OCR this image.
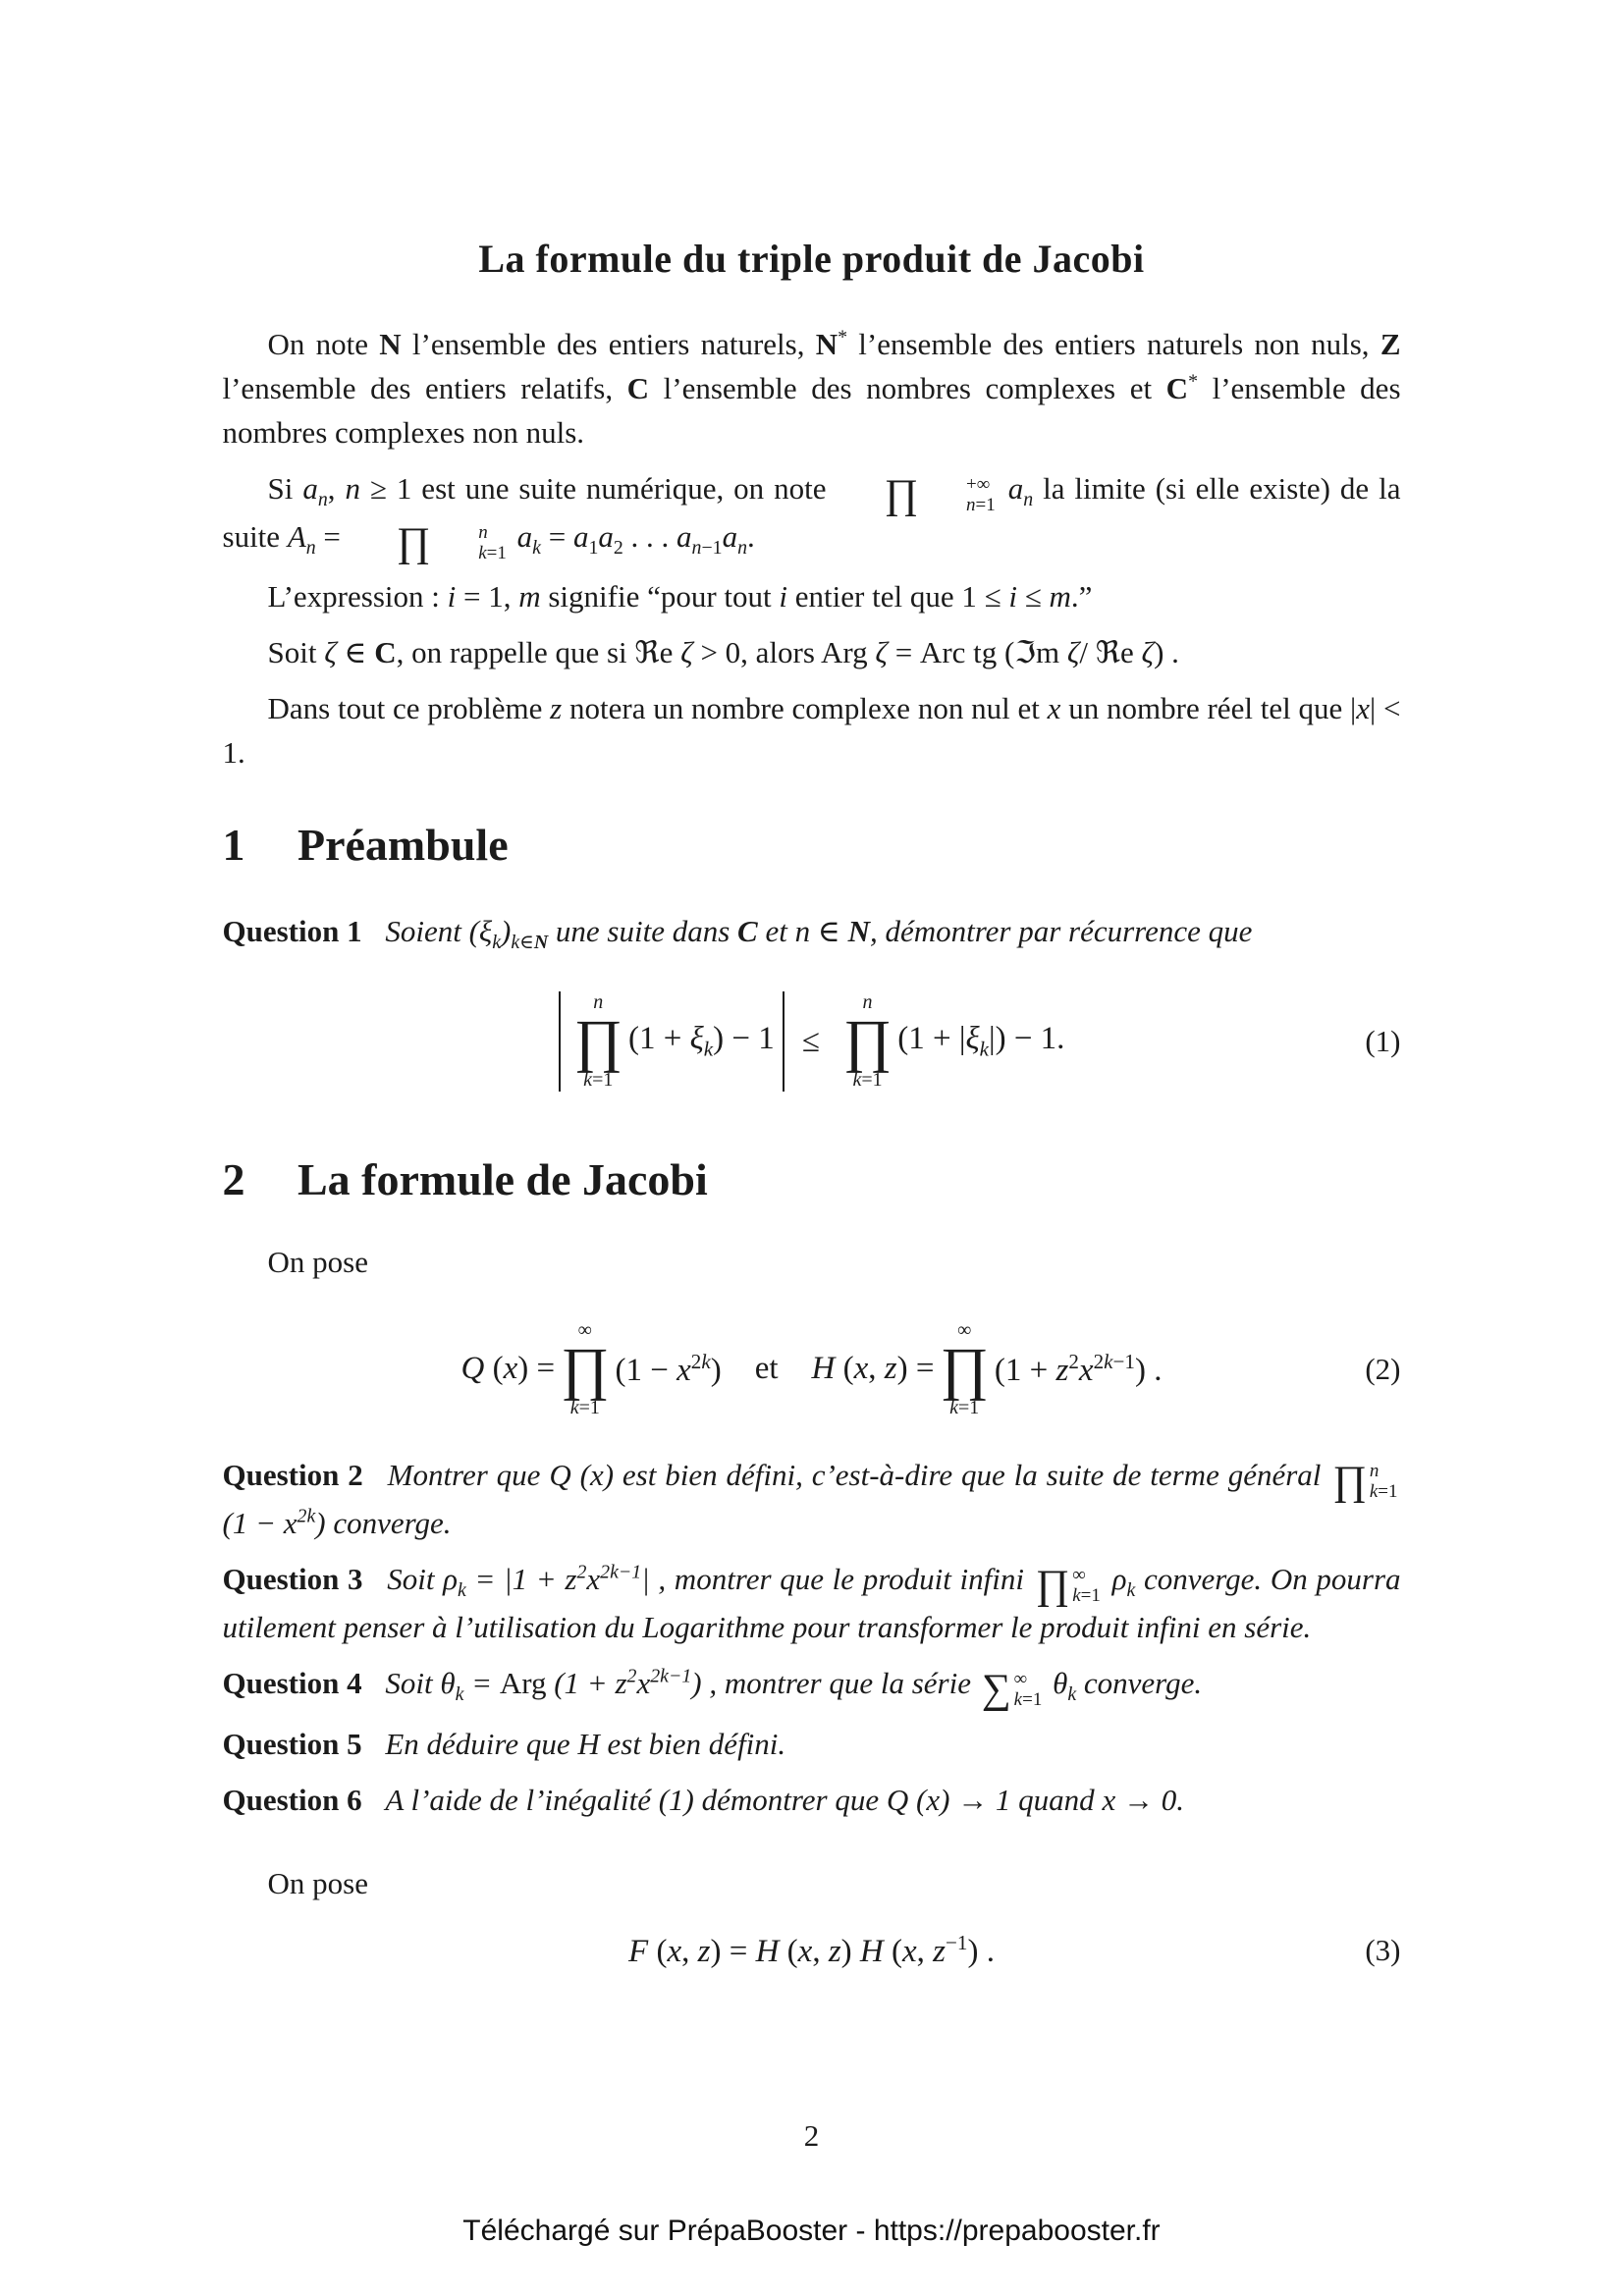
La formule du triple produit de Jacobi

On note N l’ensemble des entiers naturels, N* l’ensemble des entiers naturels non nuls, Z l’ensemble des entiers relatifs, C l’ensemble des nombres complexes et C* l’ensemble des nombres complexes non nuls.

Si $a_n$, n ≥ 1 est une suite numérique, on note	∏	+∞
n=1 $a_n$ la limite (si elle existe) de la suite $A_n$ =	∏	n
k=1 $a_k = a_1a_2$ . . . $a_{n-1}a_n$.

L’expression : i = 1, m signifie “pour tout i entier tel que 1 ≤ i ≤ m.”

Soit ζ ∈ C, on rappelle que si ℜe ζ > 0, alors Arg ζ = Arc tg (ℑm ζ/ ℜe ζ) .

Dans tout ce problème z notera un nombre complexe non nul et x un nombre réel tel que |x| < 1.

1 Préambule

Question 1 Soient $(\xi_k)_{k\in N}$ une suite dans C et n ∈ N, démontrer par récurrence que

n
∏
k=1
$(1 + \xi_k) - 1$ ≤
n
∏
k=1
$(1 + |\xi_k|) - 1$.	(1)
2 La formule de Jacobi

On pose

Q (x) =
∞
∏
k=1
$(1 - x^{2k})$ et H (x, z) =
∞
∏
k=1
$(1 + z^2x^{2k-1})$ .	(2)

Question 2 Montrer que Q (x) est bien défini, c’est-à-dire que la suite de terme général ∏ n
k=1
$(1 - x^{2k})$ converge.

Question 3 Soit $\rho_k = |1 + z^2x^{2k-1}|$ , montrer que le produit infini ∏ ∞
k=1 $\rho_k$ converge. On pourra utilement penser à l’utilisation du Logarithme pour transformer le produit infini en série.

Question 4 Soit $\theta_k$ = Arg $(1 + z^2x^{2k-1})$ , montrer que la série ∑ ∞
k=1 $\theta_k$ converge.

Question 5 En déduire que H est bien défini.

Question 6 A l’aide de l’inégalité (1) démontrer que Q (x) → 1 quand x → 0.

On pose

F (x, z) = H (x, z) H (x, $z^{-1}$) .	(3)
2
Téléchargé sur PrépaBooster - https://prepabooster.fr
